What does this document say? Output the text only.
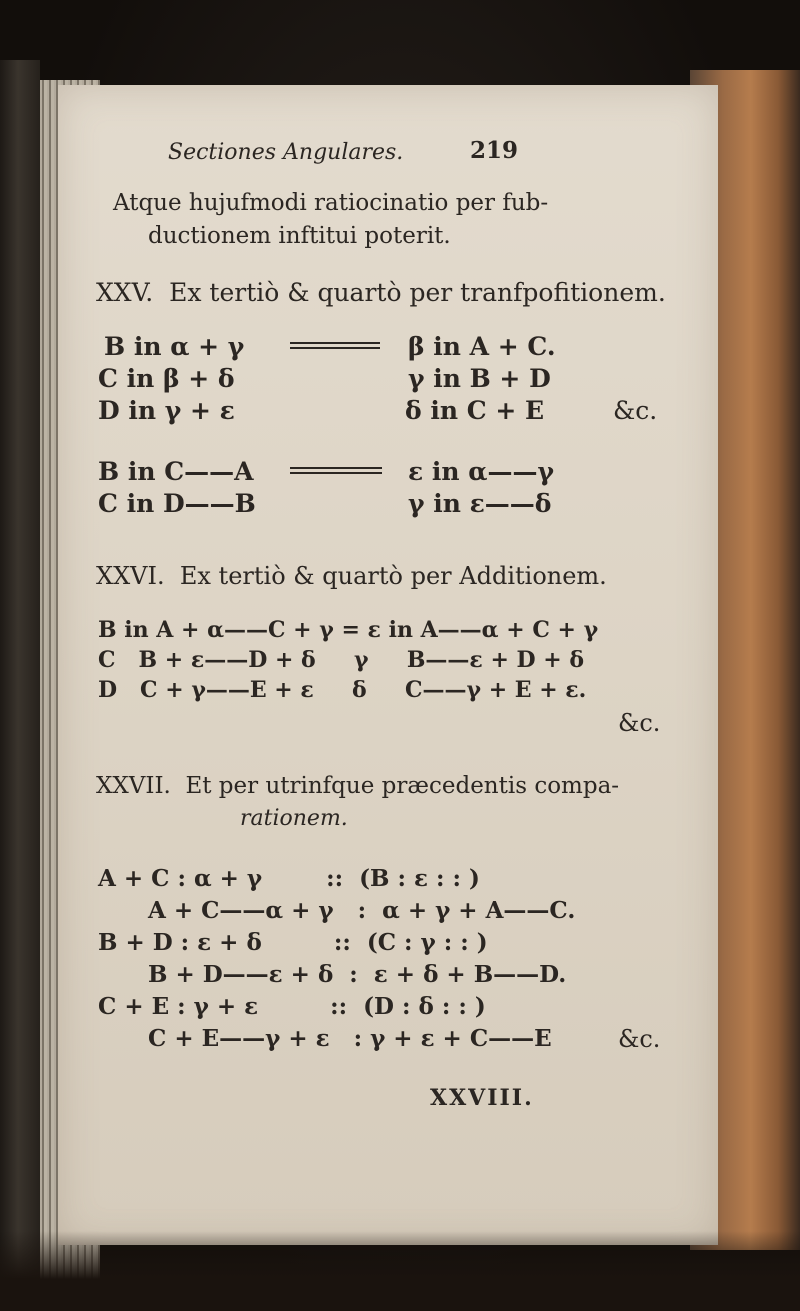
Sectiones Angulares.	219
Atque hujufmodi ratiocinatio per fub-
ductionem inftitui poterit.
XXV.  Ex tertiò & quartò per tranfpofitionem.
B in α + γ	β in A + C.
C in β + δ	γ in B + D
D in γ + ε	δ in C + E	&c.
B in C——A	ε in α——γ
C in D——B	γ in ε——δ
XXVI.  Ex tertiò & quartò per Additionem.
B in A + α——C + γ = ε in A——α + C + γ
C   B + ε——D + δ     γ     B——ε + D + δ
D   C + γ——E + ε     δ     C——γ + E + ε.
&c.
XXVII.  Et per utrinfque præcedentis compa-
rationem.
A + C : α + γ        ::  (B : ε : : )
A + C——α + γ   :  α + γ + A——C.
B + D : ε + δ         ::  (C : γ : : )
B + D——ε + δ  :  ε + δ + B——D.
C + E : γ + ε         ::  (D : δ : : )
C + E——γ + ε   : γ + ε + C——E	&c.
XXVIII.
